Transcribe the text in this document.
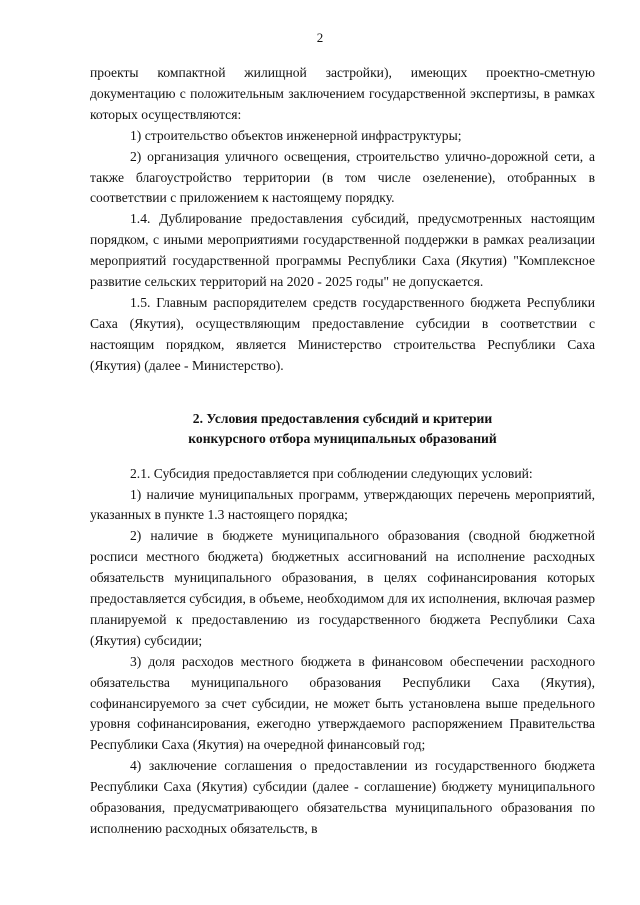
2

проекты компактной жилищной застройки), имеющих проектно-сметную документацию с положительным заключением государственной экспертизы, в рамках которых осуществляются:

1) строительство объектов инженерной инфраструктуры;

2) организация уличного освещения, строительство улично-дорожной сети, а также благоустройство территории (в том числе озеленение), отобранных в соответствии с приложением к настоящему порядку.

1.4. Дублирование предоставления субсидий, предусмотренных настоящим порядком, с иными мероприятиями государственной поддержки в рамках реализации мероприятий государственной программы Республики Саха (Якутия) "Комплексное развитие сельских территорий на 2020 - 2025 годы" не допускается.

1.5. Главным распорядителем средств государственного бюджета Республики Саха (Якутия), осуществляющим предоставление субсидии в соответствии с настоящим порядком, является Министерство строительства Республики Саха (Якутия) (далее - Министерство).

2. Условия предоставления субсидий и критерии
конкурсного отбора муниципальных образований

2.1. Субсидия предоставляется при соблюдении следующих условий:

1) наличие муниципальных программ, утверждающих перечень мероприятий, указанных в пункте 1.3 настоящего порядка;

2) наличие в бюджете муниципального образования (сводной бюджетной росписи местного бюджета) бюджетных ассигнований на исполнение расходных обязательств муниципального образования, в целях софинансирования которых предоставляется субсидия, в объеме, необходимом для их исполнения, включая размер планируемой к предоставлению из государственного бюджета Республики Саха (Якутия) субсидии;

3) доля расходов местного бюджета в финансовом обеспечении расходного обязательства муниципального образования Республики Саха (Якутия), софинансируемого за счет субсидии, не может быть установлена выше предельного уровня софинансирования, ежегодно утверждаемого распоряжением Правительства Республики Саха (Якутия) на очередной финансовый год;

4) заключение соглашения о предоставлении из государственного бюджета Республики Саха (Якутия) субсидии (далее - соглашение) бюджету муниципального образования, предусматривающего обязательства муниципального образования по исполнению расходных обязательств, в
